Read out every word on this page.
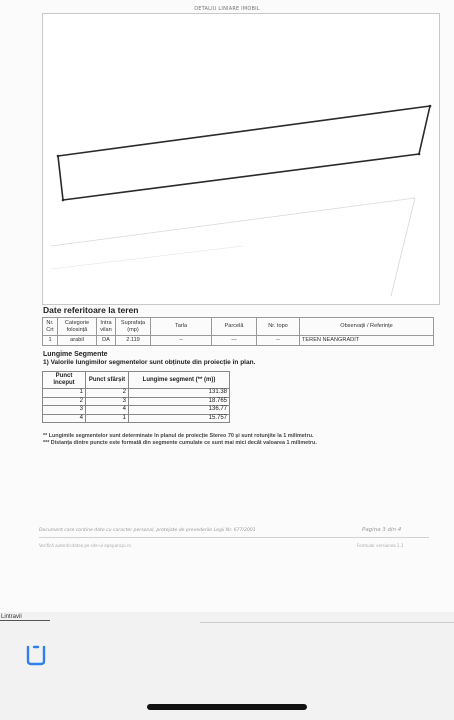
DETALIU LINIARE IMOBIL
Date referitoare la teren
Nr. Crt	Categorie folosință	Intra vilan	Suprafața (mp)	Tarla	Parcelă	Nr. topo	Observații / Referințe
1	arabil	DA	2.119	--	---	--	TEREN NEANGRADIT
Lungime Segmente
1) Valorile lungimilor segmentelor sunt obținute din proiecție în plan.
Punct început	Punct sfârșit	Lungime segment (** (m))
1	2	131.38
2	3	18.765
3	4	136.77
4	1	15.757
** Lungimile segmentelor sunt determinate în planul de proiecție Stereo 70 și sunt rotunjite la 1 milimetru.
*** Distanța dintre puncte este formată din segmente cumulate ce sunt mai mici decât valoarea 1 milimetru.
Document care conține date cu caracter personal, protejate de prevederile Legii Nr. 677/2001	Pagina 3 din 4
Verifică autenticitatea pe site-ul epay.ancpi.ro	Formular versiunea 1.1
Lintravil
